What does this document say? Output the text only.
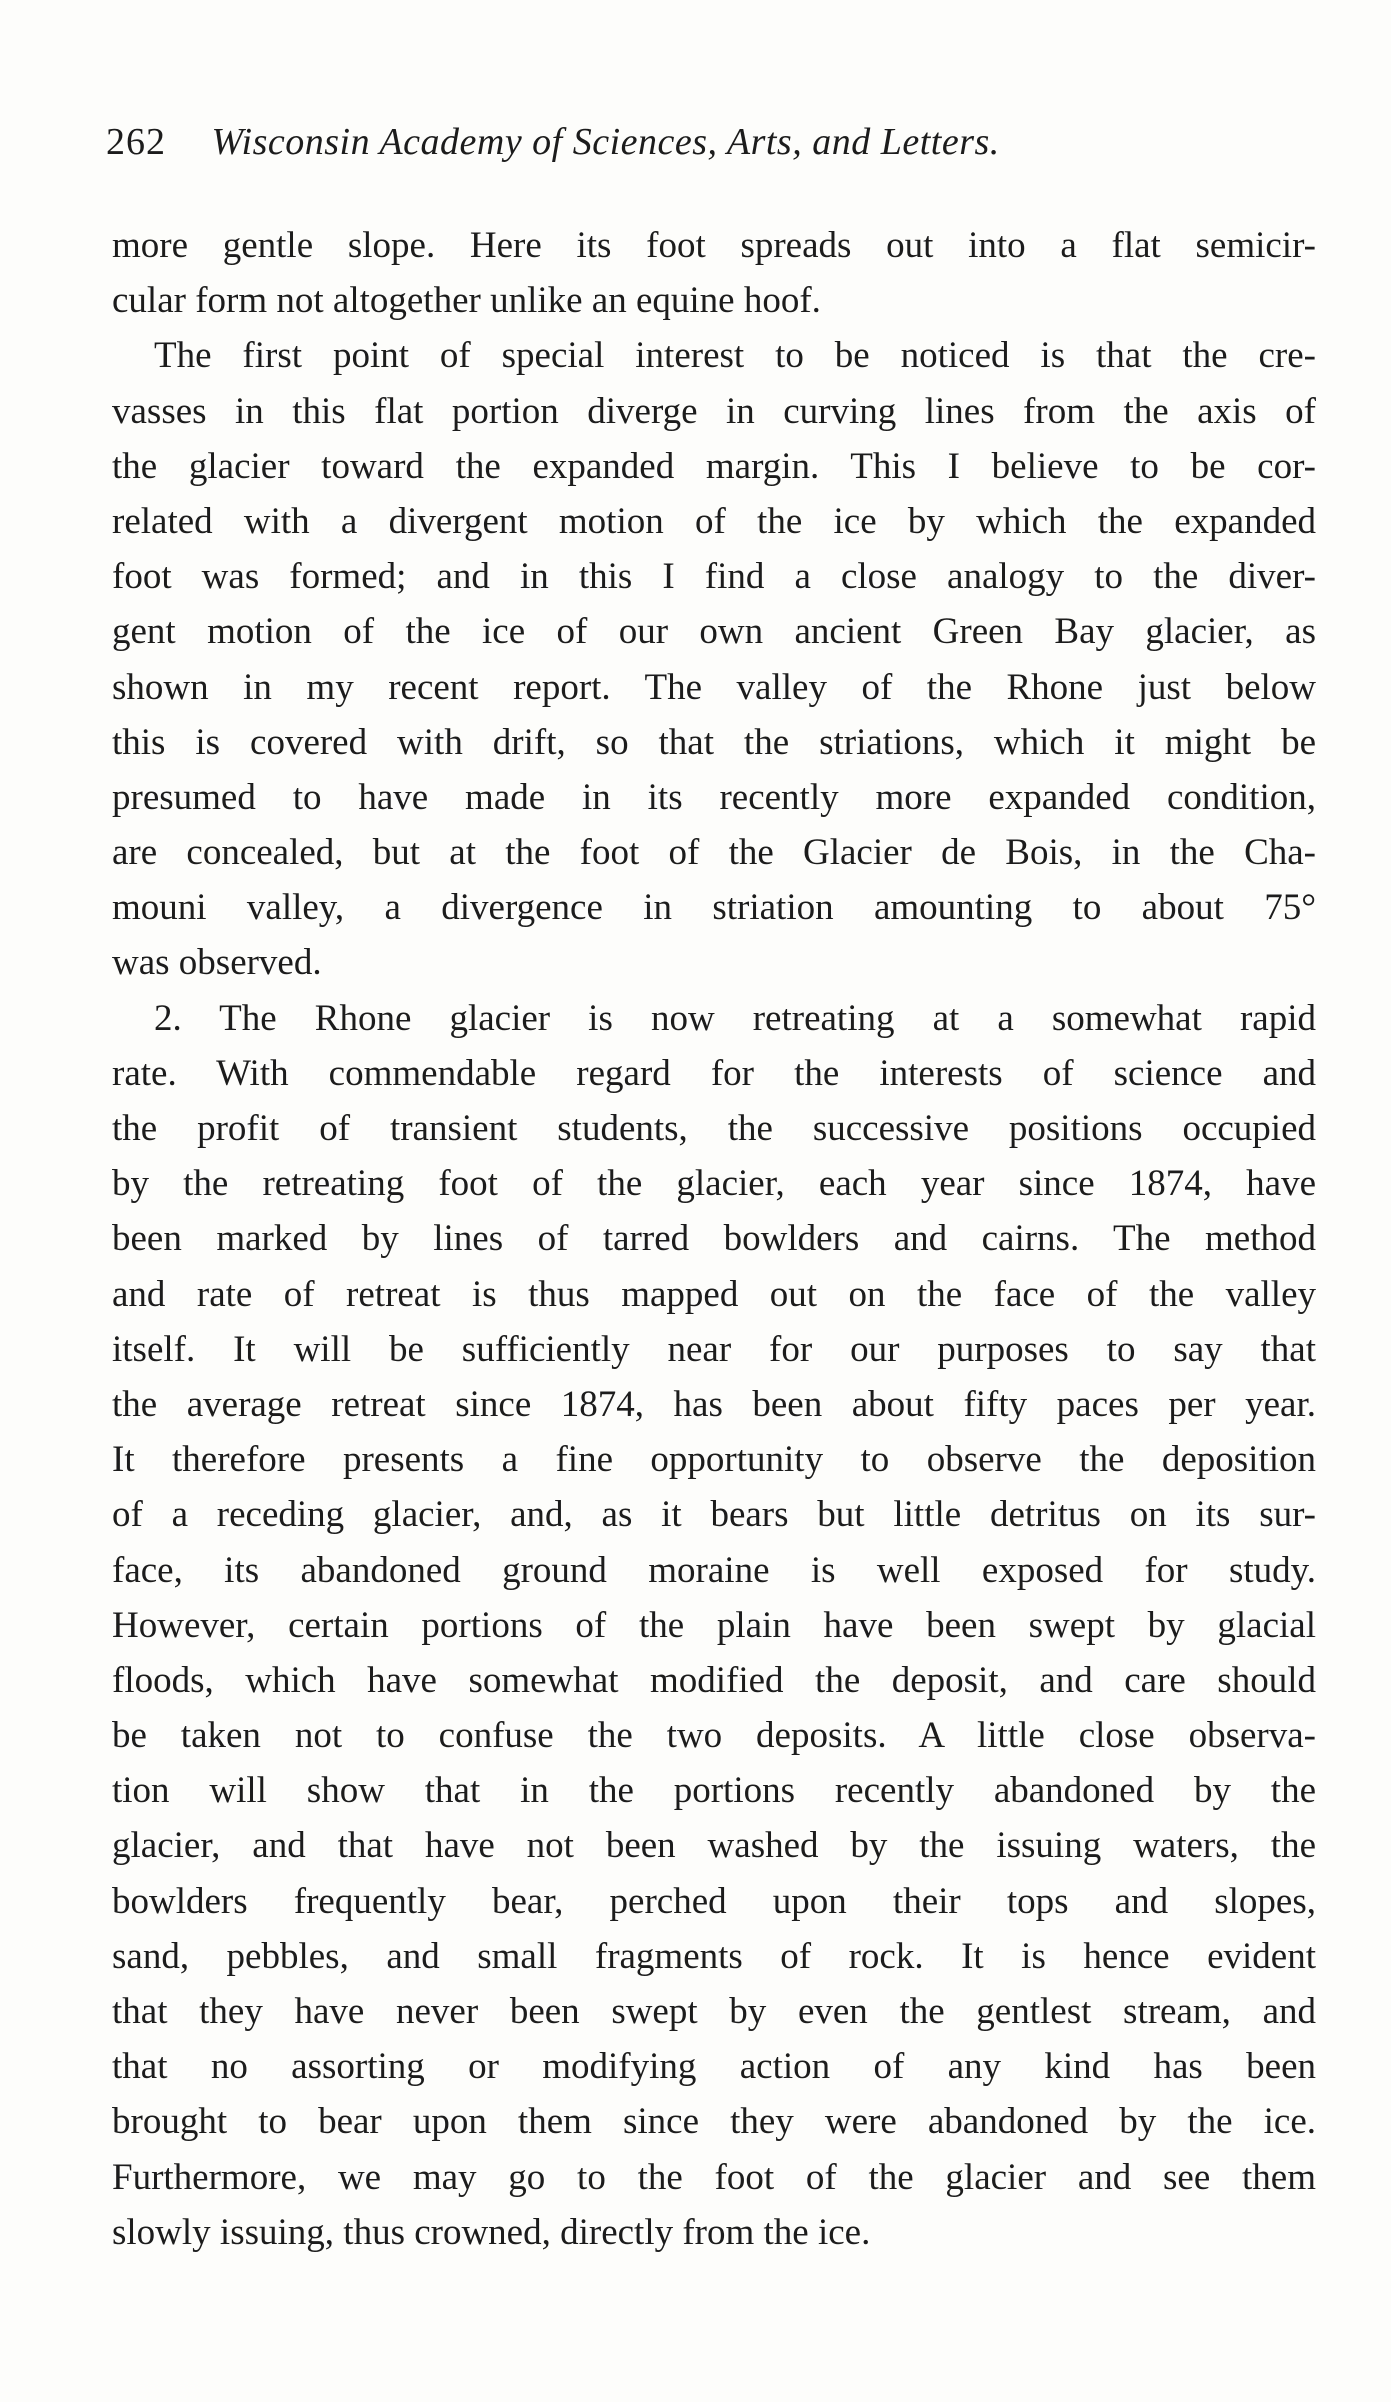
262 Wisconsin Academy of Sciences, Arts, and Letters.
more gentle slope. Here its foot spreads out into a flat semicir-
cular form not altogether unlike an equine hoof.
The first point of special interest to be noticed is that the cre-
vasses in this flat portion diverge in curving lines from the axis of
the glacier toward the expanded margin. This I believe to be cor-
related with a divergent motion of the ice by which the expanded
foot was formed; and in this I find a close analogy to the diver-
gent motion of the ice of our own ancient Green Bay glacier, as
shown in my recent report. The valley of the Rhone just below
this is covered with drift, so that the striations, which it might be
presumed to have made in its recently more expanded condition,
are concealed, but at the foot of the Glacier de Bois, in the Cha-
mouni valley, a divergence in striation amounting to about 75°
was observed.
2. The Rhone glacier is now retreating at a somewhat rapid
rate. With commendable regard for the interests of science and
the profit of transient students, the successive positions occupied
by the retreating foot of the glacier, each year since 1874, have
been marked by lines of tarred bowlders and cairns. The method
and rate of retreat is thus mapped out on the face of the valley
itself. It will be sufficiently near for our purposes to say that
the average retreat since 1874, has been about fifty paces per year.
It therefore presents a fine opportunity to observe the deposition
of a receding glacier, and, as it bears but little detritus on its sur-
face, its abandoned ground moraine is well exposed for study.
However, certain portions of the plain have been swept by glacial
floods, which have somewhat modified the deposit, and care should
be taken not to confuse the two deposits. A little close observa-
tion will show that in the portions recently abandoned by the
glacier, and that have not been washed by the issuing waters, the
bowlders frequently bear, perched upon their tops and slopes,
sand, pebbles, and small fragments of rock. It is hence evident
that they have never been swept by even the gentlest stream, and
that no assorting or modifying action of any kind has been
brought to bear upon them since they were abandoned by the ice.
Furthermore, we may go to the foot of the glacier and see them
slowly issuing, thus crowned, directly from the ice.
